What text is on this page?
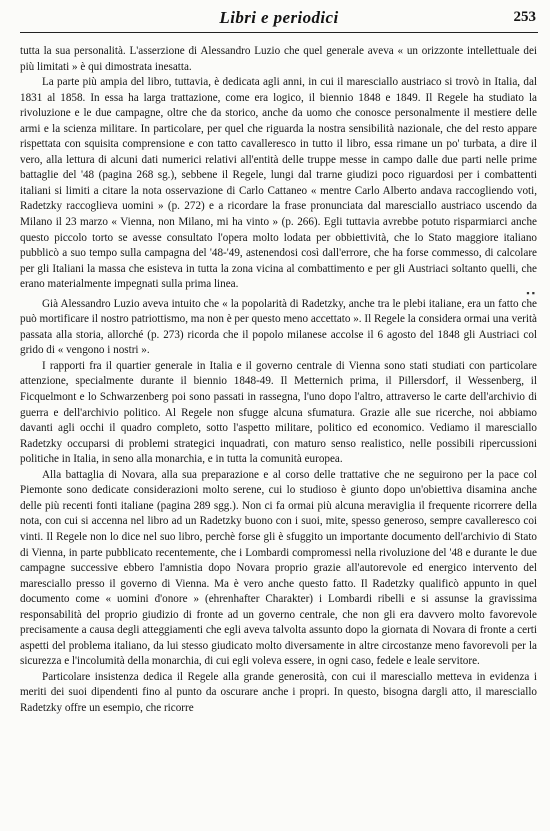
Libri e periodici	253

tutta la sua personalità. L'asserzione di Alessandro Luzio che quel generale aveva « un orizzonte intellettuale dei più limitati » è qui dimostrata inesatta.

La parte più ampia del libro, tuttavia, è dedicata agli anni, in cui il maresciallo austriaco si trovò in Italia, dal 1831 al 1858. In essa ha larga trattazione, come era logico, il biennio 1848 e 1849. Il Regele ha studiato la rivoluzione e le due campagne, oltre che da storico, anche da uomo che conosce personalmente il mestiere delle armi e la scienza militare. In particolare, per quel che riguarda la nostra sensibilità nazionale, che del resto appare rispettata con squisita comprensione e con tatto cavalleresco in tutto il libro, essa rimane un po' turbata, a dire il vero, alla lettura di alcuni dati numerici relativi all'entità delle truppe messe in campo dalle due parti nelle prime battaglie del '48 (pagina 268 sg.), sebbene il Regele, lungi dal trarne giudizi poco riguardosi per i combattenti italiani si limiti a citare la nota osservazione di Carlo Cattaneo « mentre Carlo Alberto andava raccogliendo voti, Radetzky raccoglieva uomini » (p. 272) e a ricordare la frase pronunciata dal maresciallo austriaco uscendo da Milano il 23 marzo « Vienna, non Milano, mi ha vinto » (p. 266). Egli tuttavia avrebbe potuto risparmiarci anche questo piccolo torto se avesse consultato l'opera molto lodata per obbiettività, che lo Stato maggiore italiano pubblicò a suo tempo sulla campagna del '48-'49, astenendosi così dall'errore, che ha forse commesso, di calcolare per gli Italiani la massa che esisteva in tutta la zona vicina al combattimento e per gli Austriaci soltanto quelli, che erano materialmente impegnati sulla prima linea.

▪ ▪

Già Alessandro Luzio aveva intuito che « la popolarità di Radetzky, anche tra le plebi italiane, era un fatto che può mortificare il nostro patriottismo, ma non è per questo meno accettato ». Il Regele la considera ormai una verità passata alla storia, allorché (p. 273) ricorda che il popolo milanese accolse il 6 agosto del 1848 gli Austriaci col grido di « vengono i nostri ».

I rapporti fra il quartier generale in Italia e il governo centrale di Vienna sono stati studiati con particolare attenzione, specialmente durante il biennio 1848-49. Il Metternich prima, il Pillersdorf, il Wessenberg, il Ficquelmont e lo Schwarzenberg poi sono passati in rassegna, l'uno dopo l'altro, attraverso le carte dell'archivio di guerra e dell'archivio politico. Al Regele non sfugge alcuna sfumatura. Grazie alle sue ricerche, noi abbiamo davanti agli occhi il quadro completo, sotto l'aspetto militare, politico ed economico. Vediamo il maresciallo Radetzky occuparsi di problemi strategici inquadrati, con maturo senso realistico, nelle possibili ripercussioni politiche in Italia, in seno alla monarchia, e in tutta la comunità europea.

Alla battaglia di Novara, alla sua preparazione e al corso delle trattative che ne seguirono per la pace col Piemonte sono dedicate considerazioni molto serene, cui lo studioso è giunto dopo un'obiettiva disamina anche delle più recenti fonti italiane (pagina 289 sgg.). Non ci fa ormai più alcuna meraviglia il frequente ricorrere della nota, con cui si accenna nel libro ad un Radetzky buono con i suoi, mite, spesso generoso, sempre cavalleresco coi vinti. Il Regele non lo dice nel suo libro, perchè forse gli è sfuggito un importante documento dell'archivio di Stato di Vienna, in parte pubblicato recentemente, che i Lombardi compromessi nella rivoluzione del '48 e durante le due campagne successive ebbero l'amnistia dopo Novara proprio grazie all'autorevole ed energico intervento del maresciallo presso il governo di Vienna. Ma è vero anche questo fatto. Il Radetzky qualificò appunto in quel documento come « uomini d'onore » (ehrenhafter Charakter) i Lombardi ribelli e si assunse la gravissima responsabilità del proprio giudizio di fronte ad un governo centrale, che non gli era davvero molto favorevole precisamente a causa degli atteggiamenti che egli aveva talvolta assunto dopo la giornata di Novara di fronte a certi aspetti del problema italiano, da lui stesso giudicato molto diversamente in altre circostanze meno favorevoli per la sicurezza e l'incolumità della monarchia, di cui egli voleva essere, in ogni caso, fedele e leale servitore.

Particolare insistenza dedica il Regele alla grande generosità, con cui il maresciallo metteva in evidenza i meriti dei suoi dipendenti fino al punto da oscurare anche i propri. In questo, bisogna dargli atto, il maresciallo Radetzky offre un esempio, che ricorre
